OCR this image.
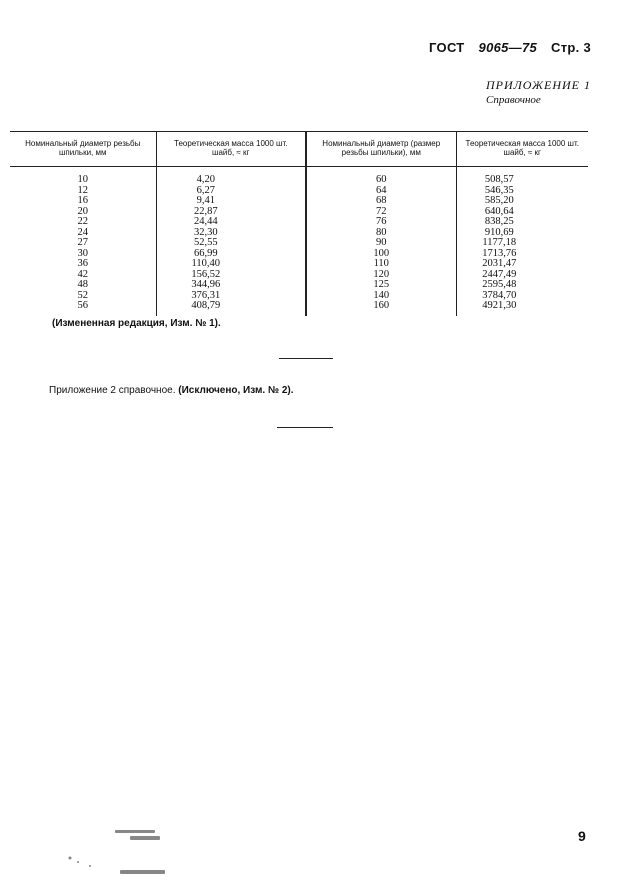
ГОСТ 9065—75 Стр. 3
ПРИЛОЖЕНИЕ 1
Справочное
Номинальный диаметр резьбы шпильки, мм	Теоретическая масса 1000 шт. шайб, ≈ кг	Номинальный диаметр (размер резьбы шпильки), мм	Теоретическая масса 1000 шт. шайб, ≈ кг
10	4,20	60	508,57
12	6,27	64	546,35
16	9,41	68	585,20
20	22,87	72	640,64
22	24,44	76	838,25
24	32,30	80	910,69
27	52,55	90	1177,18
30	66,99	100	1713,76
36	110,40	110	2031,47
42	156,52	120	2447,49
48	344,96	125	2595,48
52	376,31	140	3784,70
56	408,79	160	4921,30
(Измененная редакция, Изм. № 1).
Приложение 2 справочное. (Исключено, Изм. № 2).
9
